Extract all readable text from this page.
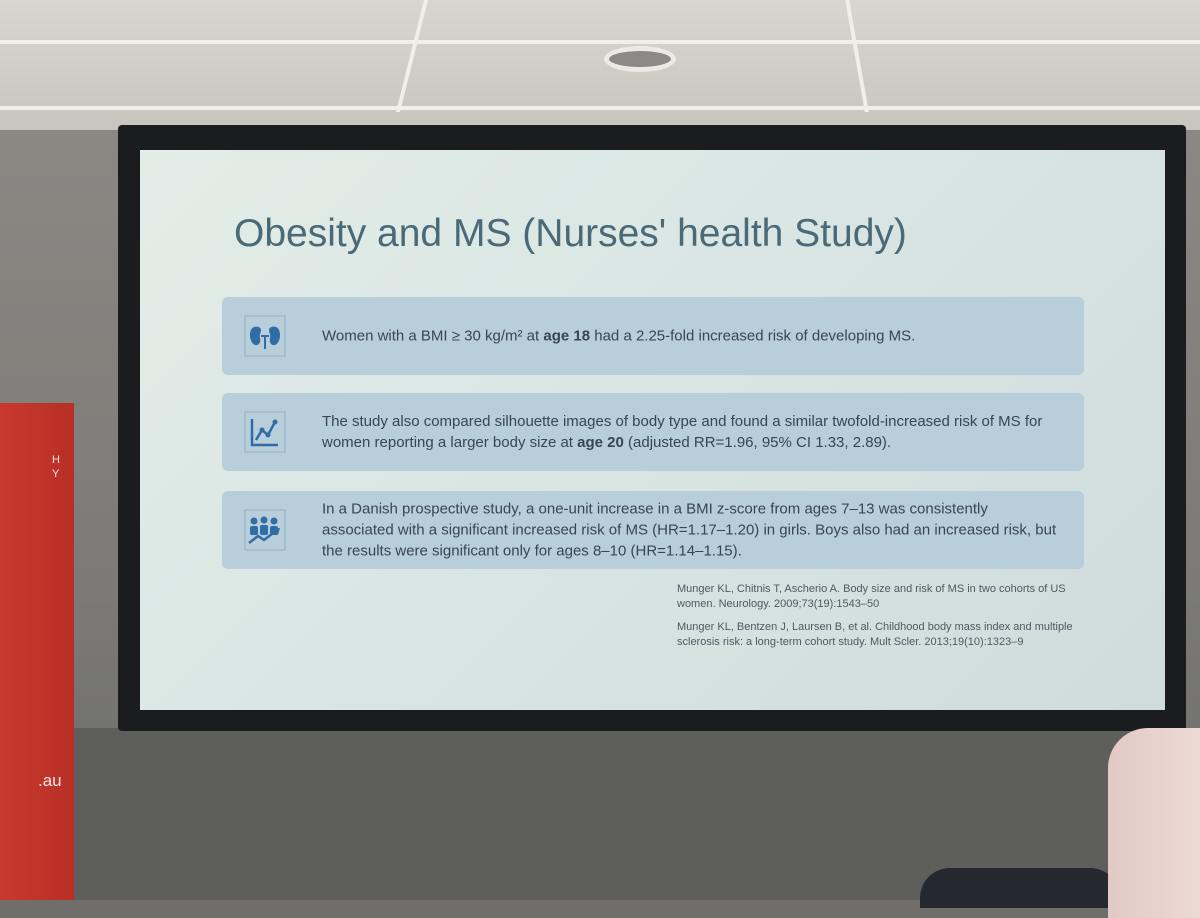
H
Y
.au
Obesity and MS (Nurses' health Study)
Women with a BMI ≥ 30 kg/m² at age 18 had a 2.25-fold increased risk of developing MS.
The study also compared silhouette images of body type and found a similar twofold-increased risk of MS for women reporting a larger body size at age 20 (adjusted RR=1.96, 95% CI 1.33, 2.89).
In a Danish prospective study, a one-unit increase in a BMI z-score from ages 7–13 was consistently associated with a significant increased risk of MS (HR=1.17–1.20) in girls. Boys also had an increased risk, but the results were significant only for ages 8–10 (HR=1.14–1.15).
Munger KL, Chitnis T, Ascherio A. Body size and risk of MS in two cohorts of US women. Neurology. 2009;73(19):1543–50
Munger KL, Bentzen J, Laursen B, et al. Childhood body mass index and multiple sclerosis risk: a long-term cohort study. Mult Scler. 2013;19(10):1323–9
